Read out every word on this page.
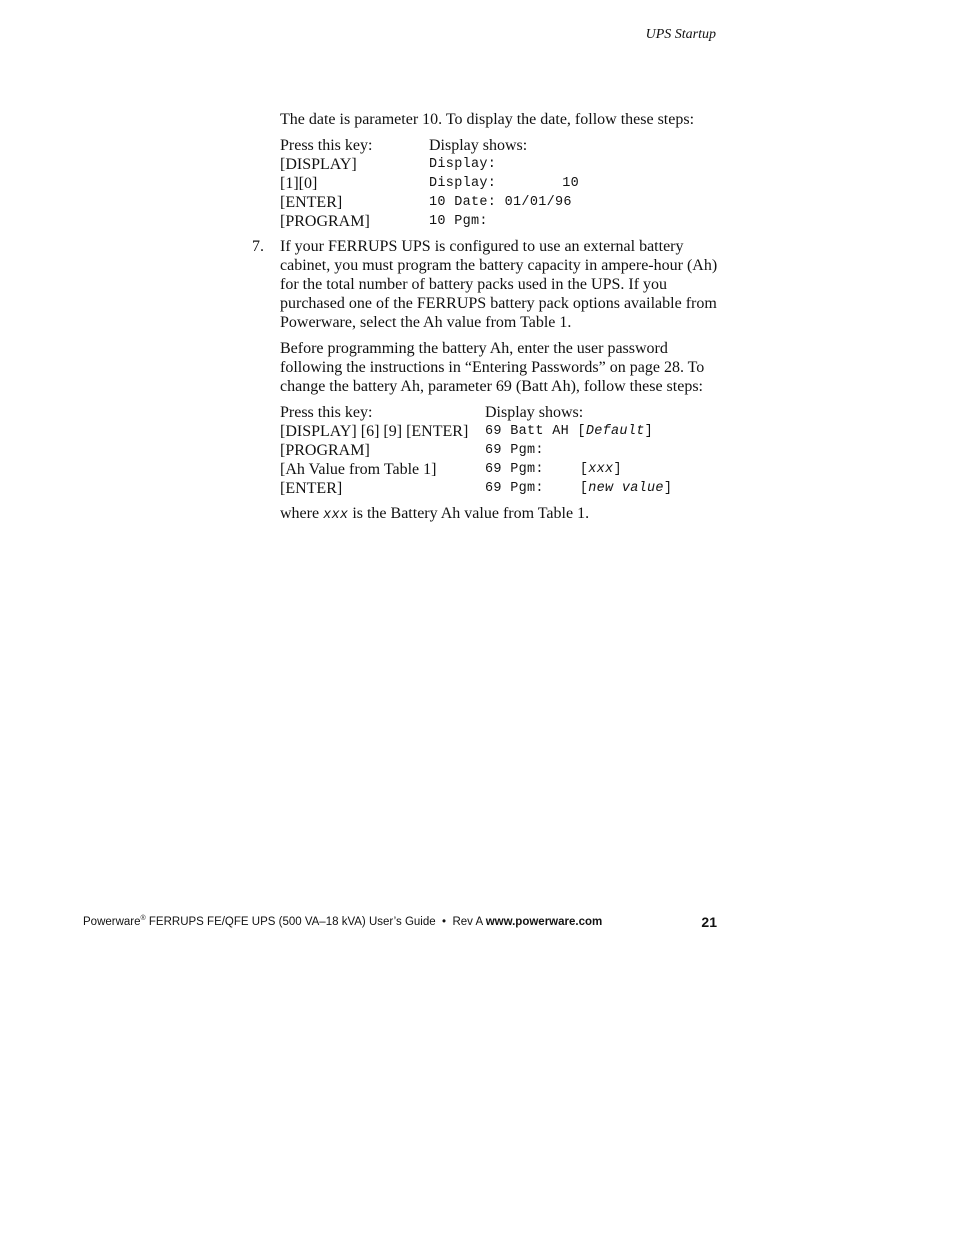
UPS Startup

The date is parameter 10. To display the date, follow these steps:

Press this key:	Display shows:
[DISPLAY]	Display:
[1][0]	Display: 10
[ENTER]	10 Date: 01/01/96
[PROGRAM]	10 Pgm:
7. If your FERRUPS UPS is configured to use an external battery cabinet, you must program the battery capacity in ampere-hour (Ah) for the total number of battery packs used in the UPS. If you purchased one of the FERRUPS battery pack options available from Powerware, select the Ah value from Table 1.

Before programming the battery Ah, enter the user password following the instructions in “Entering Passwords” on page 28. To change the battery Ah, parameter 69 (Batt Ah), follow these steps:

Press this key:	Display shows:
[DISPLAY] [6] [9] [ENTER]	69 Batt AH [Default]
[PROGRAM]	69 Pgm:
[Ah Value from Table 1]	69 Pgm: [xxx]
[ENTER]	69 Pgm: [new value]

where xxx is the Battery Ah value from Table 1.

Powerware® FERRUPS FE/QFE UPS (500 VA–18 kVA) User’s Guide  •  Rev A www.powerware.com	21
